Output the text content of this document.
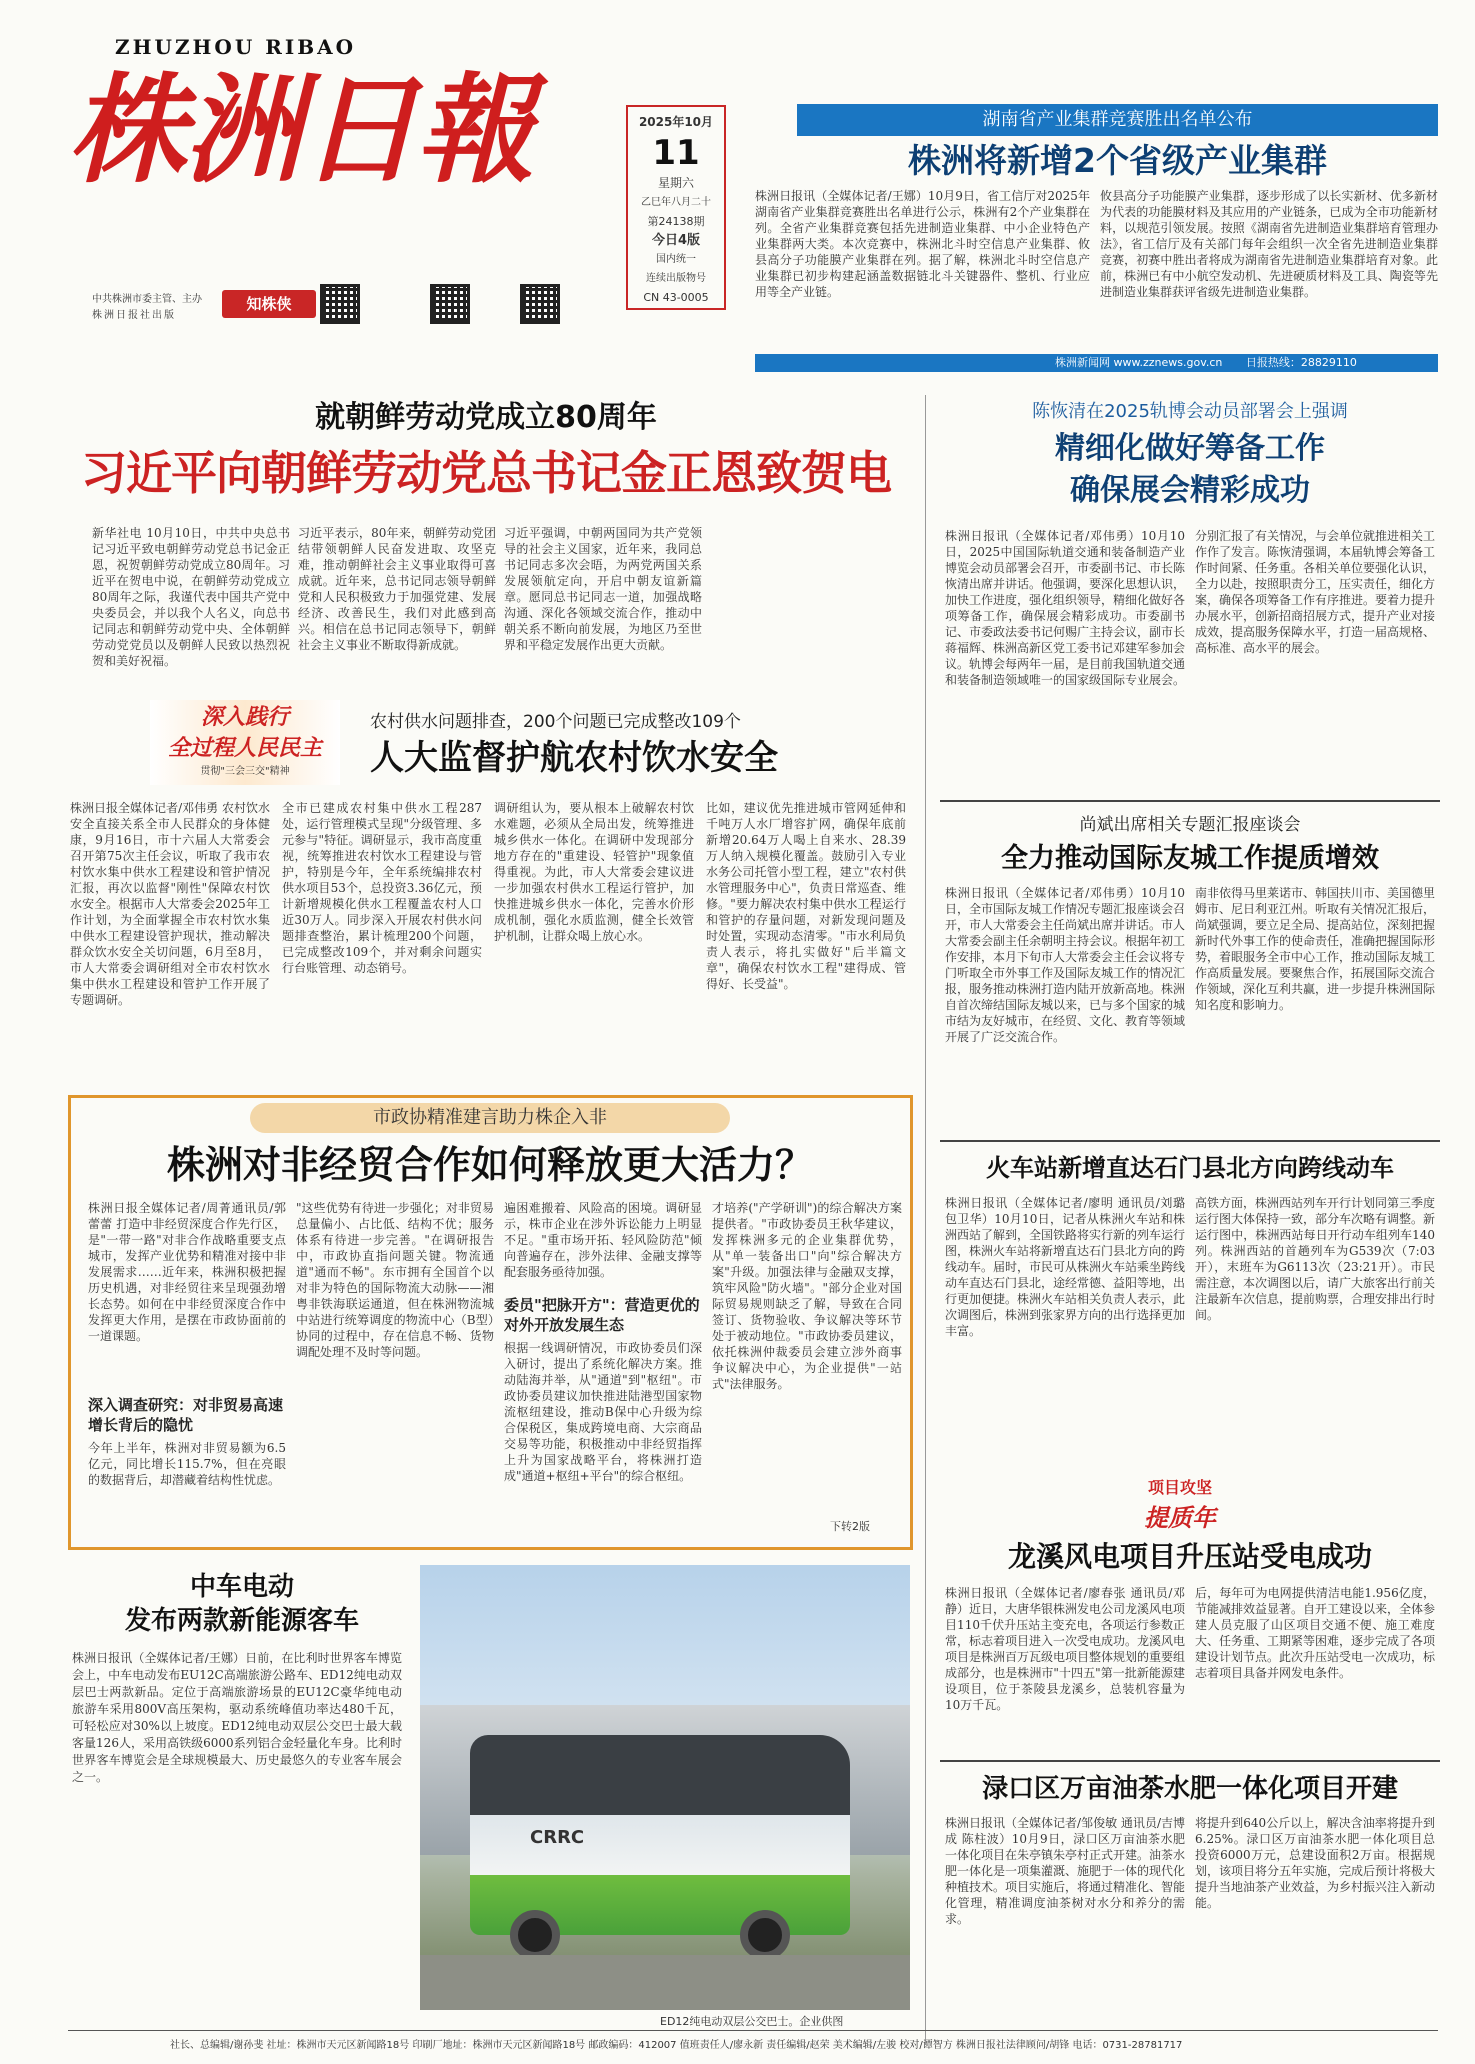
ZHUZHOU RIBAO
株洲日報
中共株洲市委主管、主办
株洲日报社出版
知株侠
2025年10月
11
星期六
乙巳年八月二十
第24138期
今日4版
国内统一
连续出版物号
CN 43-0005
湖南省产业集群竞赛胜出名单公布
株洲将新增2个省级产业集群
株洲日报讯（全媒体记者/王娜）10月9日，省工信厅对2025年湖南省产业集群竞赛胜出名单进行公示，株洲有2个产业集群在列。全省产业集群竞赛包括先进制造业集群、中小企业特色产业集群两大类。本次竞赛中，株洲北斗时空信息产业集群、攸县高分子功能膜产业集群在列。据了解，株洲北斗时空信息产业集群已初步构建起涵盖数据链北斗关键器件、整机、行业应用等全产业链。
攸县高分子功能膜产业集群，逐步形成了以长实新材、优多新材为代表的功能膜材料及其应用的产业链条，已成为全市功能新材料，以规范引领发展。按照《湖南省先进制造业集群培育管理办法》，省工信厅及有关部门每年会组织一次全省先进制造业集群竞赛，初赛中胜出者将成为湖南省先进制造业集群培育对象。此前，株洲已有中小航空发动机、先进硬质材料及工具、陶瓷等先进制造业集群获评省级先进制造业集群。
株洲新闻网 www.zznews.gov.cn 日报热线：28829110
就朝鲜劳动党成立80周年
习近平向朝鲜劳动党总书记金正恩致贺电
新华社电 10月10日，中共中央总书记习近平致电朝鲜劳动党总书记金正恩，祝贺朝鲜劳动党成立80周年。习近平在贺电中说，在朝鲜劳动党成立80周年之际，我谨代表中国共产党中央委员会，并以我个人名义，向总书记同志和朝鲜劳动党中央、全体朝鲜劳动党党员以及朝鲜人民致以热烈祝贺和美好祝福。
习近平表示，80年来，朝鲜劳动党团结带领朝鲜人民奋发进取、攻坚克难，推动朝鲜社会主义事业取得可喜成就。近年来，总书记同志领导朝鲜党和人民积极致力于加强党建、发展经济、改善民生，我们对此感到高兴。相信在总书记同志领导下，朝鲜社会主义事业不断取得新成就。
习近平强调，中朝两国同为共产党领导的社会主义国家，近年来，我同总书记同志多次会晤，为两党两国关系发展领航定向，开启中朝友谊新篇章。愿同总书记同志一道，加强战略沟通、深化各领域交流合作，推动中朝关系不断向前发展，为地区乃至世界和平稳定发展作出更大贡献。
深入践行
全过程人民民主
贯彻"三会三交"精神
农村供水问题排查，200个问题已完成整改109个
人大监督护航农村饮水安全
株洲日报全媒体记者/邓伟勇 农村饮水安全直接关系全市人民群众的身体健康，9月16日，市十六届人大常委会召开第75次主任会议，听取了我市农村饮水集中供水工程建设和管护情况汇报，再次以监督"刚性"保障农村饮水安全。根据市人大常委会2025年工作计划，为全面掌握全市农村饮水集中供水工程建设管护现状，推动解决群众饮水安全关切问题，6月至8月，市人大常委会调研组对全市农村饮水集中供水工程建设和管护工作开展了专题调研。
全市已建成农村集中供水工程287处，运行管理模式呈现"分级管理、多元参与"特征。调研显示，我市高度重视，统筹推进农村饮水工程建设与管护，特别是今年，全年系统编排农村供水项目53个，总投资3.36亿元，预计新增规模化供水工程覆盖农村人口近30万人。同步深入开展农村供水问题排查整治，累计梳理200个问题，已完成整改109个，并对剩余问题实行台账管理、动态销号。
调研组认为，要从根本上破解农村饮水难题，必须从全局出发，统筹推进城乡供水一体化。在调研中发现部分地方存在的"重建设、轻管护"现象值得重视。为此，市人大常委会建议进一步加强农村供水工程运行管护，加快推进城乡供水一体化，完善水价形成机制，强化水质监测，健全长效管护机制，让群众喝上放心水。
比如，建议优先推进城市管网延伸和千吨万人水厂增容扩网，确保年底前新增20.64万人喝上自来水、28.39万人纳入规模化覆盖。鼓励引入专业水务公司托管小型工程，建立"农村供水管理服务中心"，负责日常巡查、维修。"要力解决农村集中供水工程运行和管护的存量问题，对新发现问题及时处置，实现动态清零。"市水利局负责人表示，将扎实做好"后半篇文章"，确保农村饮水工程"建得成、管得好、长受益"。
陈恢清在2025轨博会动员部署会上强调
精细化做好筹备工作
确保展会精彩成功
株洲日报讯（全媒体记者/邓伟勇）10月10日，2025中国国际轨道交通和装备制造产业博览会动员部署会召开，市委副书记、市长陈恢清出席并讲话。他强调，要深化思想认识，加快工作进度，强化组织领导，精细化做好各项筹备工作，确保展会精彩成功。市委副书记、市委政法委书记何赐广主持会议，副市长蒋福辉、株洲高新区党工委书记邓建军参加会议。轨博会每两年一届，是目前我国轨道交通和装备制造领域唯一的国家级国际专业展会。
分别汇报了有关情况，与会单位就推进相关工作作了发言。陈恢清强调，本届轨博会筹备工作时间紧、任务重。各相关单位要强化认识，全力以赴，按照职责分工，压实责任，细化方案，确保各项筹备工作有序推进。要着力提升办展水平，创新招商招展方式，提升产业对接成效，提高服务保障水平，打造一届高规格、高标准、高水平的展会。
尚斌出席相关专题汇报座谈会
全力推动国际友城工作提质增效
株洲日报讯（全媒体记者/邓伟勇）10月10日，全市国际友城工作情况专题汇报座谈会召开，市人大常委会主任尚斌出席并讲话。市人大常委会副主任余朝明主持会议。根据年初工作安排，本月下旬市人大常委会主任会议将专门听取全市外事工作及国际友城工作的情况汇报，服务推动株洲打造内陆开放新高地。株洲自首次缔结国际友城以来，已与多个国家的城市结为友好城市，在经贸、文化、教育等领域开展了广泛交流合作。
南非依得马里莱诺市、韩国扶川市、美国德里姆市、尼日利亚江州。听取有关情况汇报后，尚斌强调，要立足全局、提高站位，深刻把握新时代外事工作的使命责任，准确把握国际形势，着眼服务全市中心工作，推动国际友城工作高质量发展。要聚焦合作，拓展国际交流合作领域，深化互利共赢，进一步提升株洲国际知名度和影响力。
市政协精准建言助力株企入非
株洲对非经贸合作如何释放更大活力？
株洲日报全媒体记者/周菁通讯员/郭蕾蕾 打造中非经贸深度合作先行区，是"一带一路"对非合作战略重要支点城市，发挥产业优势和精准对接中非发展需求……近年来，株洲积极把握历史机遇，对非经贸往来呈现强劲增长态势。如何在中非经贸深度合作中发挥更大作用，是摆在市政协面前的一道课题。
深入调查研究：对非贸易高速增长背后的隐忧
今年上半年，株洲对非贸易额为6.5亿元，同比增长115.7%，但在亮眼的数据背后，却潜藏着结构性忧虑。
"这些优势有待进一步强化；对非贸易总量偏小、占比低、结构不优；服务体系有待进一步完善。"在调研报告中，市政协直指问题关键。物流通道"通而不畅"。东市拥有全国首个以对非为特色的国际物流大动脉——湘粤非铁海联运通道，但在株洲物流城中站进行统筹调度的物流中心（B型）协同的过程中，存在信息不畅、货物调配处理不及时等问题。
遍困难搬着、风险高的困境。调研显示，株市企业在涉外诉讼能力上明显不足。"重市场开拓、轻风险防范"倾向普遍存在，涉外法律、金融支撑等配套服务亟待加强。
委员"把脉开方"：营造更优的对外开放发展生态
根据一线调研情况，市政协委员们深入研讨，提出了系统化解决方案。推动陆海并举，从"通道"到"枢纽"。市政协委员建议加快推进陆港型国家物流枢纽建设，推动B保中心升级为综合保税区，集成跨境电商、大宗商品交易等功能，积极推动中非经贸指挥上升为国家战略平台，将株洲打造成"通道+枢纽+平台"的综合枢纽。
才培养("产学研训")的综合解决方案提供者。"市政协委员王秋华建议，发挥株洲多元的企业集群优势，从"单一装备出口"向"综合解决方案"升级。加强法律与金融双支撑，筑牢风险"防火墙"。"部分企业对国际贸易规则缺乏了解，导致在合同签订、货物验收、争议解决等环节处于被动地位。"市政协委员建议，依托株洲仲裁委员会建立涉外商事争议解决中心，为企业提供"一站式"法律服务。
下转2版
火车站新增直达石门县北方向跨线动车
株洲日报讯（全媒体记者/廖明 通讯员/刘璐 包卫华）10月10日，记者从株洲火车站和株洲西站了解到，全国铁路将实行新的列车运行图，株洲火车站将新增直达石门县北方向的跨线动车。届时，市民可从株洲火车站乘坐跨线动车直达石门县北，途经常德、益阳等地，出行更加便捷。株洲火车站相关负责人表示，此次调图后，株洲到张家界方向的出行选择更加丰富。
高铁方面，株洲西站列车开行计划同第三季度运行图大体保持一致，部分车次略有调整。新运行图中，株洲西站每日开行动车组列车140列。株洲西站的首趟列车为G539次（7:03开），末班车为G6113次（23:21开）。市民需注意，本次调图以后，请广大旅客出行前关注最新车次信息，提前购票，合理安排出行时间。
项目攻坚
提质年
龙溪风电项目升压站受电成功
株洲日报讯（全媒体记者/廖春张 通讯员/邓静）近日，大唐华银株洲发电公司龙溪风电项目110千伏升压站主变充电，各项运行参数正常，标志着项目进入一次受电成功。龙溪风电项目是株洲百万瓦级电项目整体规划的重要组成部分，也是株洲市"十四五"第一批新能源建设项目，位于茶陵县龙溪乡，总装机容量为10万千瓦。
后，每年可为电网提供清洁电能1.956亿度，节能减排效益显著。自开工建设以来，全体参建人员克服了山区项目交通不便、施工难度大、任务重、工期紧等困难，逐步完成了各项建设计划节点。此次升压站受电一次成功，标志着项目具备并网发电条件。
渌口区万亩油茶水肥一体化项目开建
株洲日报讯（全媒体记者/邹俊敏 通讯员/吉博成 陈柱波）10月9日，渌口区万亩油茶水肥一体化项目在朱亭镇朱亭村正式开建。油茶水肥一体化是一项集灌溉、施肥于一体的现代化种植技术。项目实施后，将通过精准化、智能化管理，精准调度油茶树对水分和养分的需求。
将提升到640公斤以上，解决含油率将提升到6.25%。渌口区万亩油茶水肥一体化项目总投资6000万元，总建设面积2万亩。根据规划，该项目将分五年实施，完成后预计将极大提升当地油茶产业效益，为乡村振兴注入新动能。
中车电动
发布两款新能源客车
株洲日报讯（全媒体记者/王娜）日前，在比利时世界客车博览会上，中车电动发布EU12C高端旅游公路车、ED12纯电动双层巴士两款新品。定位于高端旅游场景的EU12C豪华纯电动旅游车采用800V高压架构，驱动系统峰值功率达480千瓦，可轻松应对30%以上坡度。ED12纯电动双层公交巴士最大载客量126人，采用高铁级6000系列铝合金轻量化车身。比利时世界客车博览会是全球规模最大、历史最悠久的专业客车展会之一。
CRRC
ED12纯电动双层公交巴士。企业供图
社长、总编辑/谢孙斐 社址：株洲市天元区新闻路18号 印刷厂地址：株洲市天元区新闻路18号 邮政编码：412007 值班责任人/廖永新 责任编辑/赵荣 美术编辑/左骏 校对/谭智方 株洲日报社法律顾问/胡锋 电话：0731-28781717
